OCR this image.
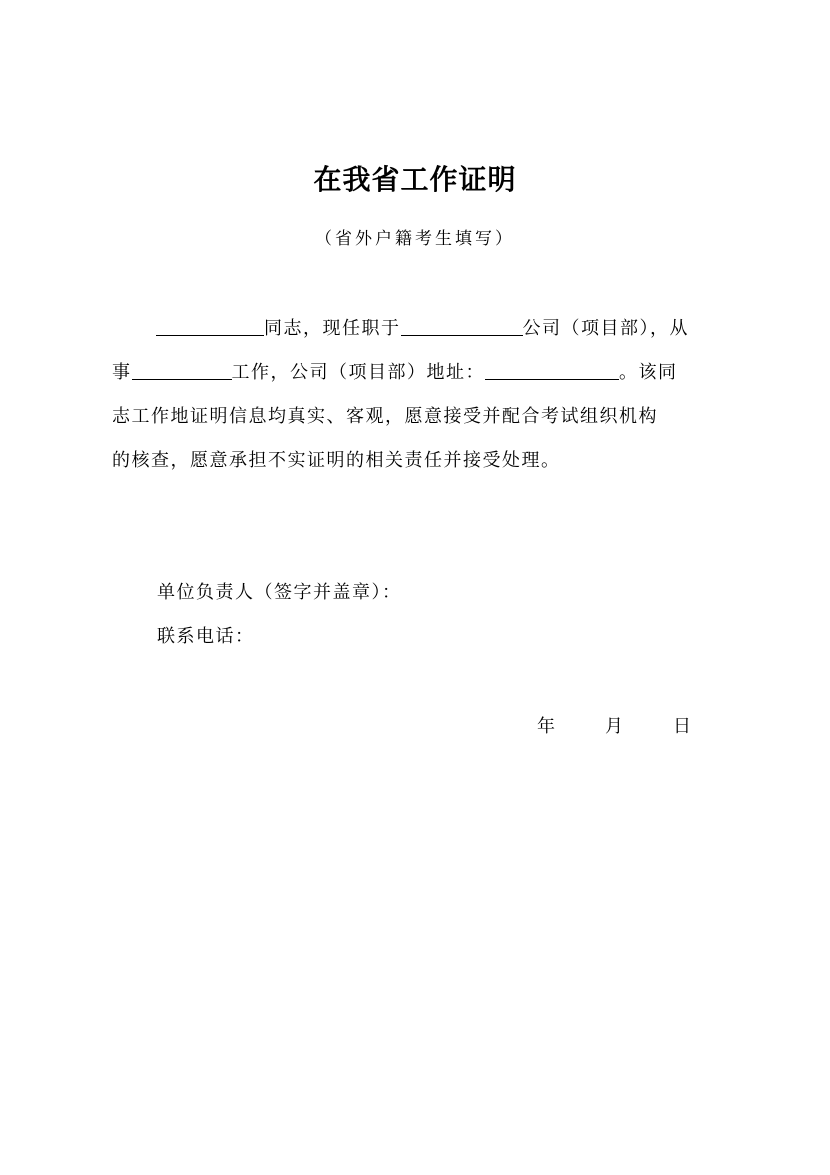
在我省工作证明
（省外户籍考生填写）
同志，现任职于	公司（项目部），从
事	工作，公司（项目部）地址：	。该同
志工作地证明信息均真实、客观，愿意接受并配合考试组织机构
的核查，愿意承担不实证明的相关责任并接受处理。
单位负责人（签字并盖章）：
联系电话：
年	月	日
